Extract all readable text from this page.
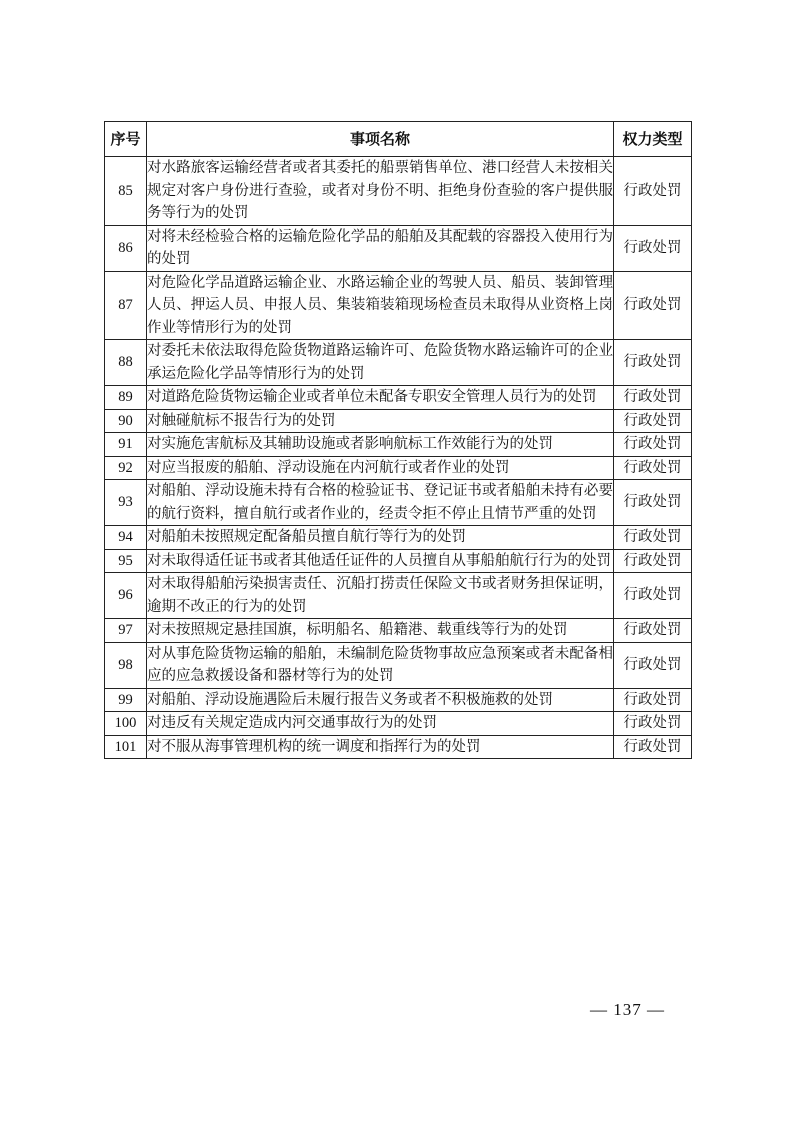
序号	事项名称	权力类型
85	对水路旅客运输经营者或者其委托的船票销售单位、港口经营人未按相关规定对客户身份进行查验，或者对身份不明、拒绝身份查验的客户提供服务等行为的处罚	行政处罚
86	对将未经检验合格的运输危险化学品的船舶及其配载的容器投入使用行为的处罚	行政处罚
87	对危险化学品道路运输企业、水路运输企业的驾驶人员、船员、装卸管理人员、押运人员、申报人员、集装箱装箱现场检查员未取得从业资格上岗作业等情形行为的处罚	行政处罚
88	对委托未依法取得危险货物道路运输许可、危险货物水路运输许可的企业承运危险化学品等情形行为的处罚	行政处罚
89	对道路危险货物运输企业或者单位未配备专职安全管理人员行为的处罚	行政处罚
90	对触碰航标不报告行为的处罚	行政处罚
91	对实施危害航标及其辅助设施或者影响航标工作效能行为的处罚	行政处罚
92	对应当报废的船舶、浮动设施在内河航行或者作业的处罚	行政处罚
93	对船舶、浮动设施未持有合格的检验证书、登记证书或者船舶未持有必要的航行资料，擅自航行或者作业的，经责令拒不停止且情节严重的处罚	行政处罚
94	对船舶未按照规定配备船员擅自航行等行为的处罚	行政处罚
95	对未取得适任证书或者其他适任证件的人员擅自从事船舶航行行为的处罚	行政处罚
96	对未取得船舶污染损害责任、沉船打捞责任保险文书或者财务担保证明，逾期不改正的行为的处罚	行政处罚
97	对未按照规定悬挂国旗，标明船名、船籍港、载重线等行为的处罚	行政处罚
98	对从事危险货物运输的船舶，未编制危险货物事故应急预案或者未配备相应的应急救援设备和器材等行为的处罚	行政处罚
99	对船舶、浮动设施遇险后未履行报告义务或者不积极施救的处罚	行政处罚
100	对违反有关规定造成内河交通事故行为的处罚	行政处罚
101	对不服从海事管理机构的统一调度和指挥行为的处罚	行政处罚
— 137 —
